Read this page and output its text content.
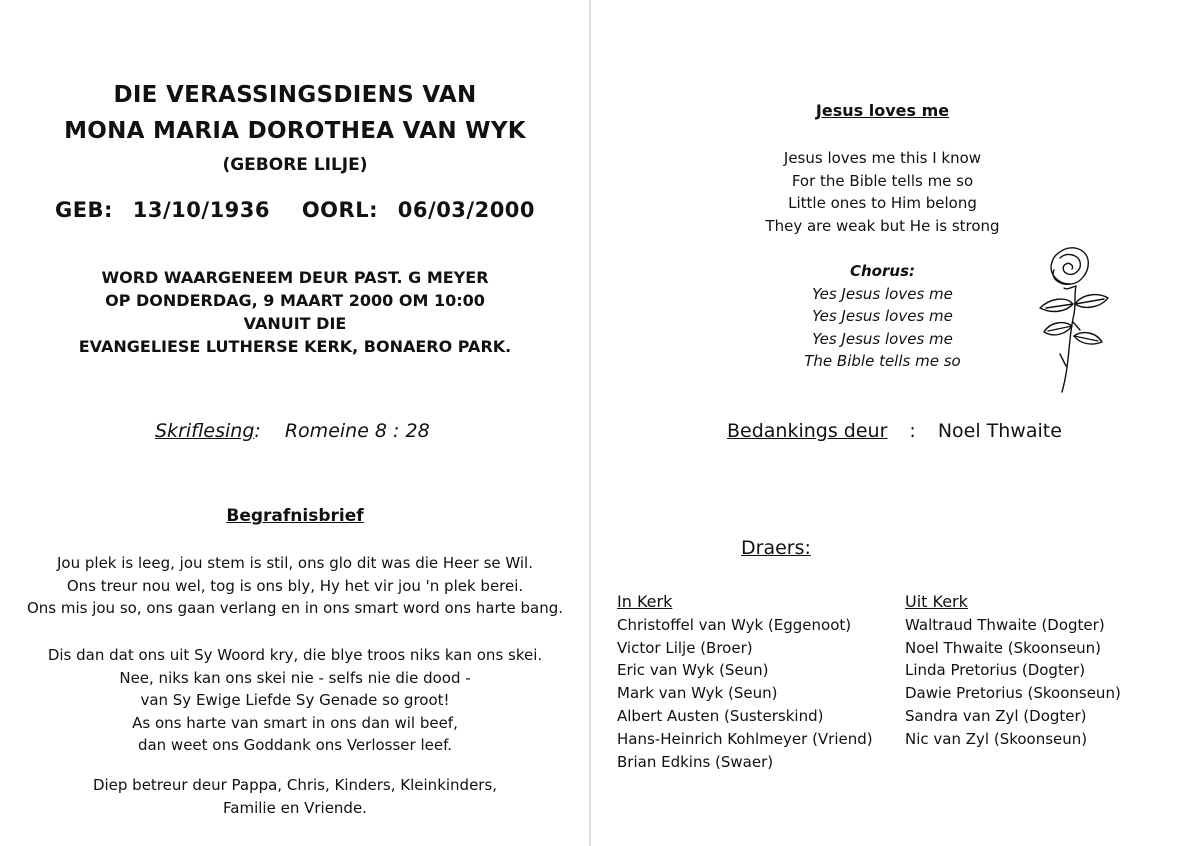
DIE VERASSINGSDIENS VAN
MONA MARIA DOROTHEA VAN WYK
(GEBORE LILJE)
GEB: 13/10/1936 OORL: 06/03/2000
WORD WAARGENEEM DEUR PAST. G MEYER
OP DONDERDAG, 9 MAART 2000 OM 10:00
VANUIT DIE
EVANGELIESE LUTHERSE KERK, BONAERO PARK.
Skriflesing: Romeine 8 : 28
Begrafnisbrief
Jou plek is leeg, jou stem is stil, ons glo dit was die Heer se Wil.
Ons treur nou wel, tog is ons bly, Hy het vir jou 'n plek berei.
Ons mis jou so, ons gaan verlang en in ons smart word ons harte bang.
Dis dan dat ons uit Sy Woord kry, die blye troos niks kan ons skei.
Nee, niks kan ons skei nie - selfs nie die dood -
van Sy Ewige Liefde Sy Genade so groot!
As ons harte van smart in ons dan wil beef,
dan weet ons Goddank ons Verlosser leef.
Diep betreur deur Pappa, Chris, Kinders, Kleinkinders,
Familie en Vriende.
Jesus loves me
Jesus loves me this I know
For the Bible tells me so
Little ones to Him belong
They are weak but He is strong
Chorus:
Yes Jesus loves me
Yes Jesus loves me
Yes Jesus loves me
The Bible tells me so
Bedankings deur : Noel Thwaite
Draers:
In Kerk
Christoffel van Wyk (Eggenoot)
Victor Lilje (Broer)
Eric van Wyk (Seun)
Mark van Wyk (Seun)
Albert Austen (Susterskind)
Hans-Heinrich Kohlmeyer (Vriend)
Brian Edkins (Swaer)
Uit Kerk
Waltraud Thwaite (Dogter)
Noel Thwaite (Skoonseun)
Linda Pretorius (Dogter)
Dawie Pretorius (Skoonseun)
Sandra van Zyl (Dogter)
Nic van Zyl (Skoonseun)
